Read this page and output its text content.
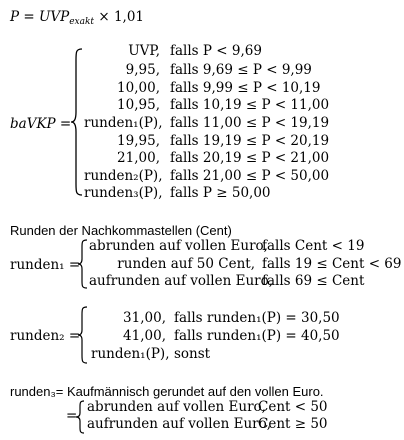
$P = UVP_{exakt} \times 1,01$
baVKP =
UVP, falls P < 9,69
9,95, falls 9,69 ≤ P < 9,99
10,00, falls 9,99 ≤ P < 10,19
10,95, falls 10,19 ≤ P < 11,00
runden₁(P), falls 11,00 ≤ P < 19,19
19,95, falls 19,19 ≤ P < 20,19
21,00, falls 20,19 ≤ P < 21,00
runden₂(P), falls 21,00 ≤ P < 50,00
runden₃(P), falls P ≥ 50,00
Runden der Nachkommastellen (Cent)
runden₁ =
abrunden auf vollen Euro,
falls Cent < 19
runden auf 50 Cent, falls 19 ≤ Cent < 69
aufrunden auf vollen Euro,
falls 69 ≤ Cent
runden₂ =
31,00, falls runden₁(P) = 30,50
41,00, falls runden₁(P) = 40,50
runden₁(P), sonst
runden₃= Kaufmännisch gerundet auf den vollen Euro.
=
abrunden auf vollen Euro,
Cent < 50
aufrunden auf vollen Euro,
Cent ≥ 50
